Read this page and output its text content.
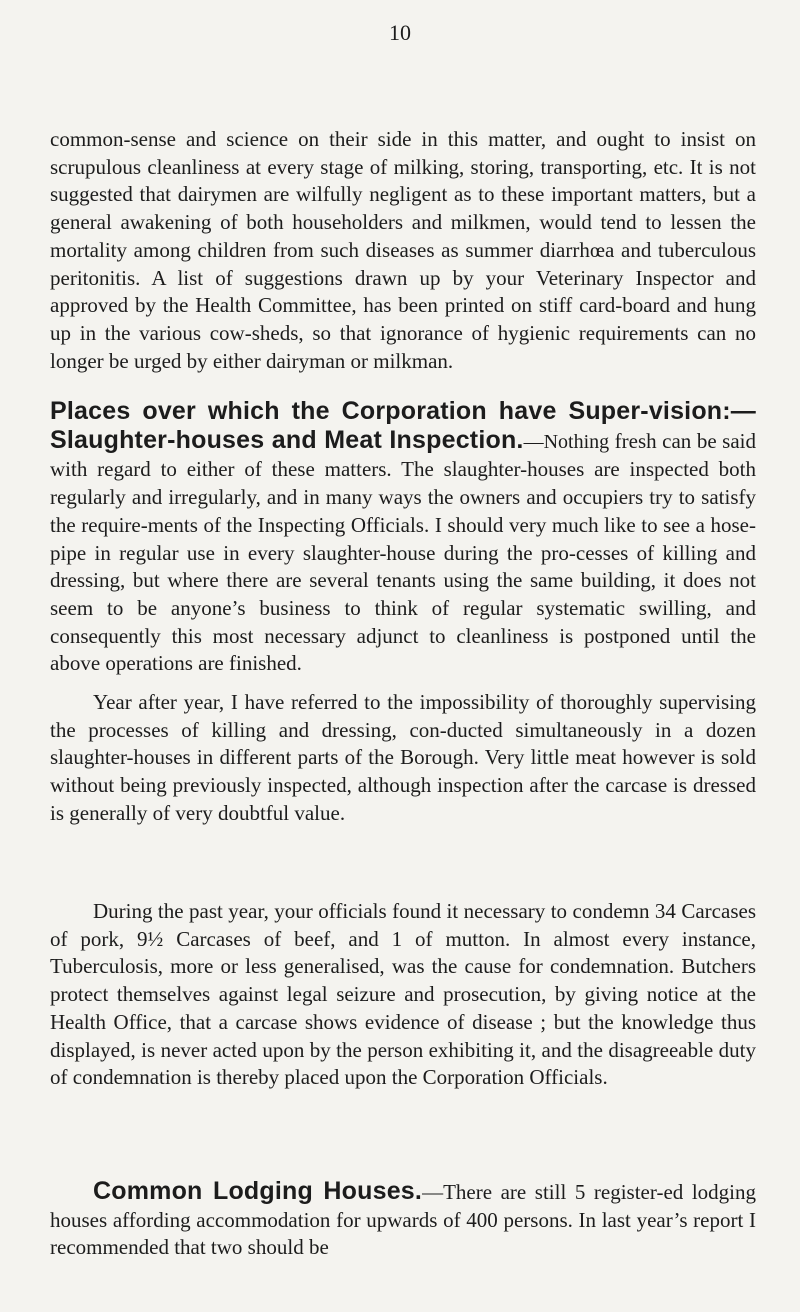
10

common-sense and science on their side in this matter, and ought to insist on scrupulous cleanliness at every stage of milking, storing, transporting, etc. It is not suggested that dairymen are wilfully negligent as to these important matters, but a general awakening of both householders and milkmen, would tend to lessen the mortality among children from such diseases as summer diarrhœa and tuberculous peritonitis. A list of suggestions drawn up by your Veterinary Inspector and approved by the Health Committee, has been printed on stiff card-board and hung up in the various cow-sheds, so that ignorance of hygienic requirements can no longer be urged by either dairyman or milkman.

Places over which the Corporation have Super-vision:—Slaughter-houses and Meat Inspection.—Nothing fresh can be said with regard to either of these matters. The slaughter-houses are inspected both regularly and irregularly, and in many ways the owners and occupiers try to satisfy the require-ments of the Inspecting Officials. I should very much like to see a hose-pipe in regular use in every slaughter-house during the pro-cesses of killing and dressing, but where there are several tenants using the same building, it does not seem to be anyone’s business to think of regular systematic swilling, and consequently this most necessary adjunct to cleanliness is postponed until the above operations are finished.

Year after year, I have referred to the impossibility of thoroughly supervising the processes of killing and dressing, con-ducted simultaneously in a dozen slaughter-houses in different parts of the Borough. Very little meat however is sold without being previously inspected, although inspection after the carcase is dressed is generally of very doubtful value.

During the past year, your officials found it necessary to condemn 34 Carcases of pork, 9½ Carcases of beef, and 1 of mutton. In almost every instance, Tuberculosis, more or less generalised, was the cause for condemnation. Butchers protect themselves against legal seizure and prosecution, by giving notice at the Health Office, that a carcase shows evidence of disease ; but the knowledge thus displayed, is never acted upon by the person exhibiting it, and the disagreeable duty of condemnation is thereby placed upon the Corporation Officials.

Common Lodging Houses.—There are still 5 register-ed lodging houses affording accommodation for upwards of 400 persons. In last year’s report I recommended that two should be
